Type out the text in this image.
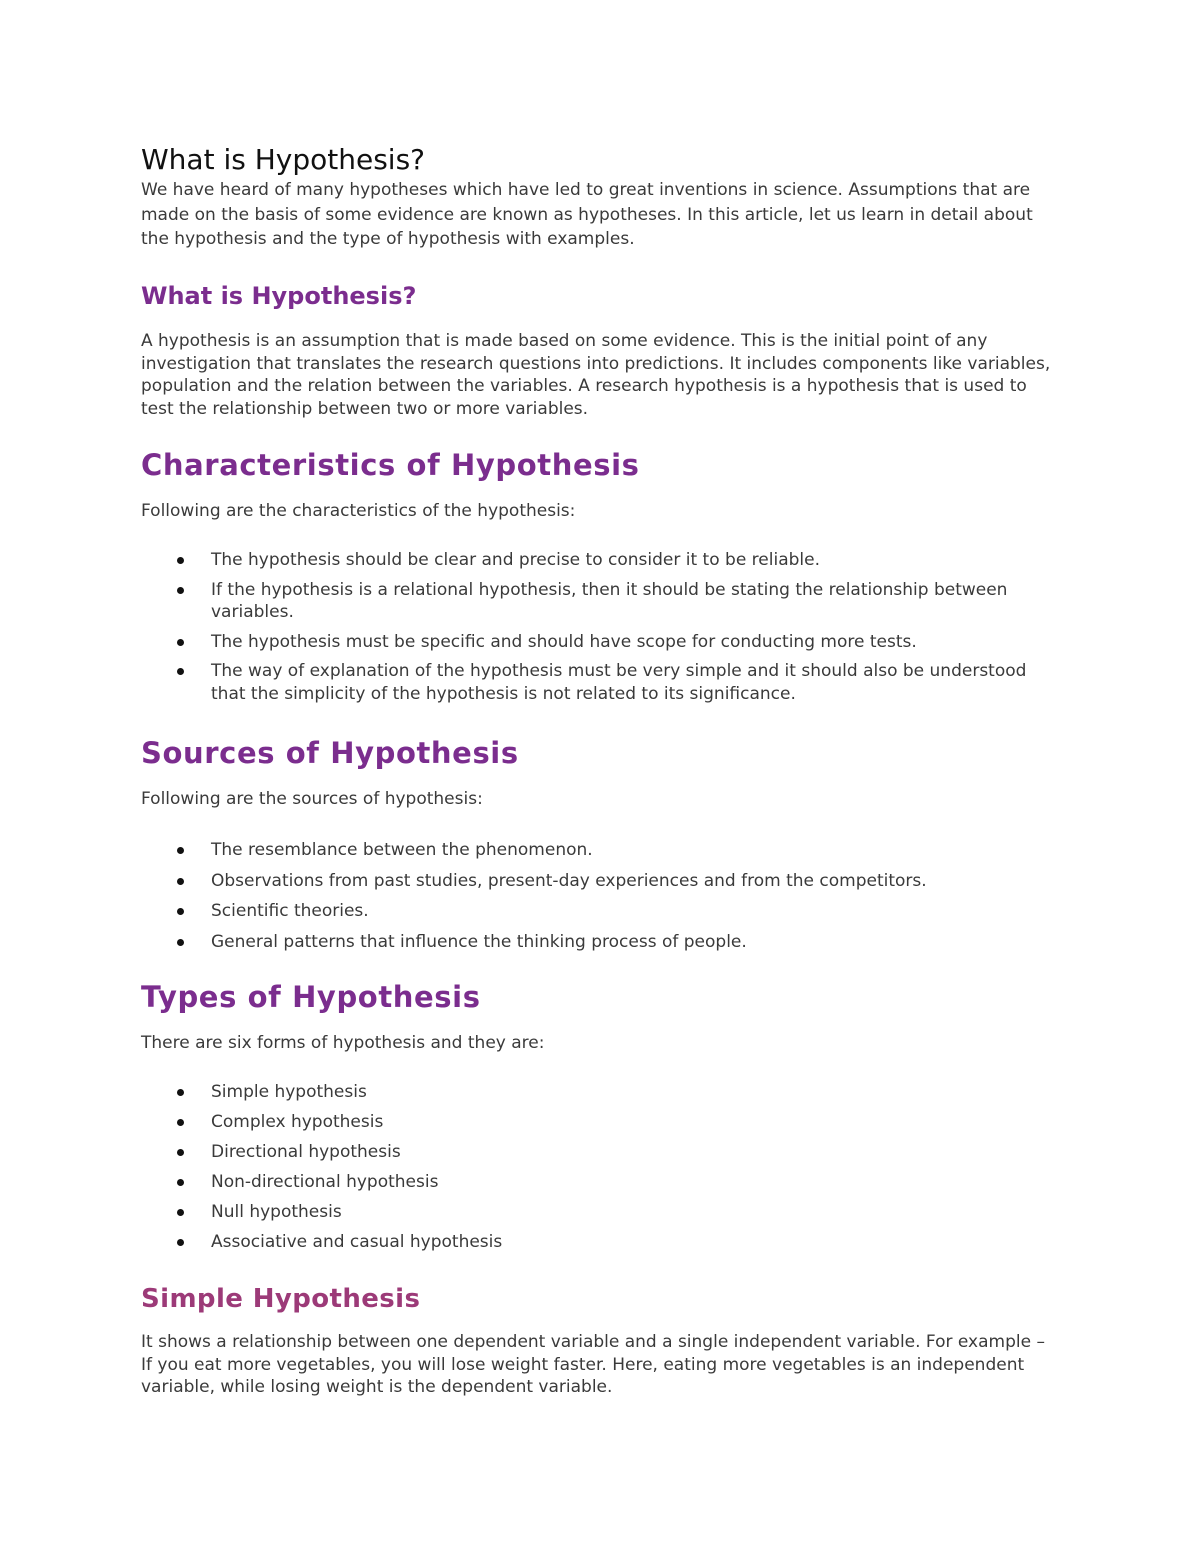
What is Hypothesis?

We have heard of many hypotheses which have led to great inventions in science. Assumptions that are made on the basis of some evidence are known as hypotheses. In this article, let us learn in detail about the hypothesis and the type of hypothesis with examples.

What is Hypothesis?

A hypothesis is an assumption that is made based on some evidence. This is the initial point of any investigation that translates the research questions into predictions. It includes components like variables, population and the relation between the variables. A research hypothesis is a hypothesis that is used to test the relationship between two or more variables.

Characteristics of Hypothesis

Following are the characteristics of the hypothesis:

The hypothesis should be clear and precise to consider it to be reliable.
If the hypothesis is a relational hypothesis, then it should be stating the relationship between variables.
The hypothesis must be specific and should have scope for conducting more tests.
The way of explanation of the hypothesis must be very simple and it should also be understood that the simplicity of the hypothesis is not related to its significance.
Sources of Hypothesis

Following are the sources of hypothesis:

The resemblance between the phenomenon.
Observations from past studies, present-day experiences and from the competitors.
Scientific theories.
General patterns that influence the thinking process of people.
Types of Hypothesis

There are six forms of hypothesis and they are:

Simple hypothesis
Complex hypothesis
Directional hypothesis
Non-directional hypothesis
Null hypothesis
Associative and casual hypothesis
Simple Hypothesis

It shows a relationship between one dependent variable and a single independent variable. For example – If you eat more vegetables, you will lose weight faster. Here, eating more vegetables is an independent variable, while losing weight is the dependent variable.
